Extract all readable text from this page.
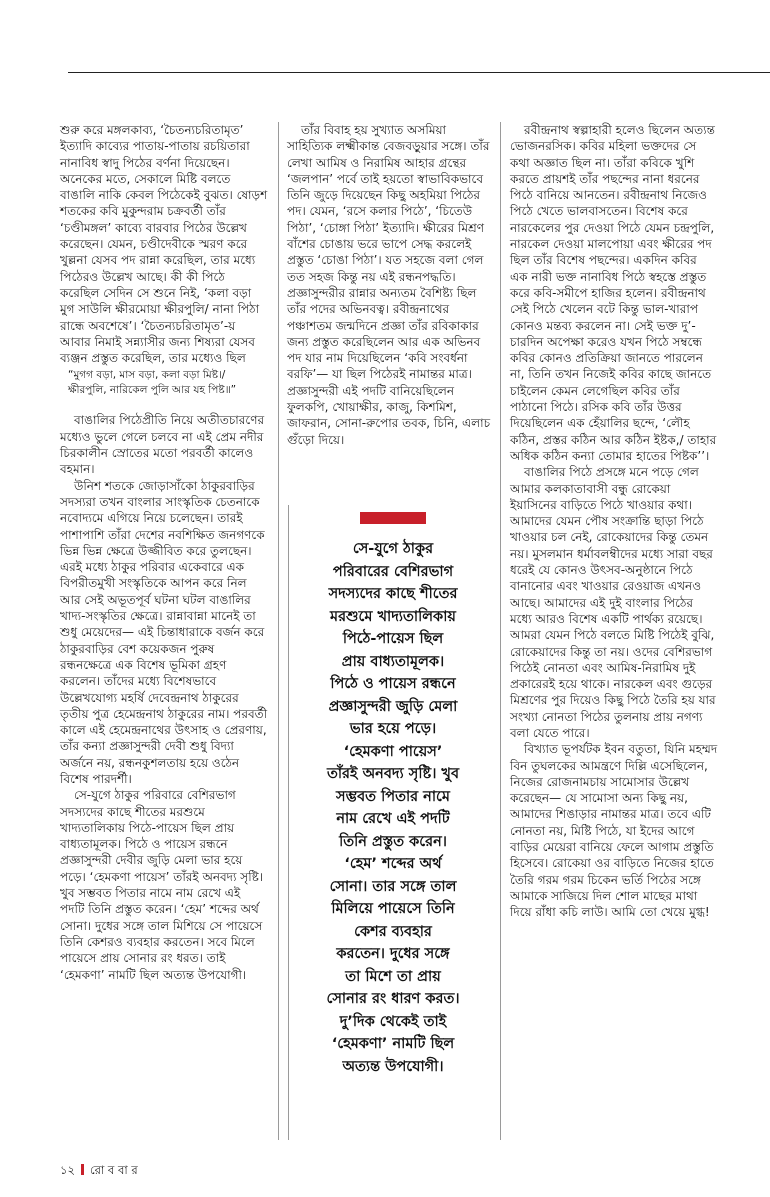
শুরু করে মঙ্গলকাব্য, ‘চৈতন্যচরিতামৃত’ ইত্যাদি কাব্যের পাতায়-পাতায় রচয়িতারা নানাবিধ স্বাদু পিঠের বর্ণনা দিয়েছেন। অনেকের মতে, সেকালে মিষ্টি বলতে বাঙালি নাকি কেবল পিঠেকেই বুঝত। ষোড়শ শতকের কবি মুকুন্দরাম চক্রবর্তী তাঁর ‘চণ্ডীমঙ্গল’ কাব্যে বারবার পিঠের উল্লেখ করেছেন। যেমন, চণ্ডীদেবীকে স্মরণ করে খুল্লনা যেসব পদ রান্না করেছিল, তার মধ্যে পিঠেরও উল্লেখ আছে। কী কী পিঠে করেছিল সেদিন সে শুনে নিই, ‘কলা বড়া মুগ সাউলি ক্ষীরমোয়া ক্ষীরপুলি/ নানা পিঠা রান্ধে অবশেষে’। ‘চৈতন্যচরিতামৃত’-য় আবার নিমাই সন্ন্যাসীর জন্য শিষ্যরা যেসব ব্যঞ্জন প্রস্তুত করেছিল, তার মধ্যেও ছিল

“মুগগ বড়া, মাস বড়া, কলা বড়া মিষ্ট।/
ক্ষীরপুলি, নারিকেল পুলি আর যহ পিষ্ট॥”

বাঙালির পিঠেপ্রীতি নিয়ে অতীতচারণের মধ্যেও ভুলে গেলে চলবে না এই প্রেম নদীর চিরকালীন স্রোতের মতো পরবর্তী কালেও বহমান।

উনিশ শতকে জোড়াসাঁকো ঠাকুরবাড়ির সদস্যরা তখন বাংলার সাংস্কৃতিক চেতনাকে নবোদ্যমে এগিয়ে নিয়ে চলেছেন। তারই পাশাপাশি তাঁরা দেশের নবশিক্ষিত জনগণকে ভিন্ন ভিন্ন ক্ষেত্রে উজ্জীবিত করে তুলছেন। এরই মধ্যে ঠাকুর পরিবার একেবারে এক বিপরীতমুখী সংস্কৃতিকে আপন করে নিল আর সেই অভূতপূর্ব ঘটনা ঘটল বাঙালির খাদ্য-সংস্কৃতির ক্ষেত্রে। রান্নাবান্না মানেই তা শুধু মেয়েদের— এই চিন্তাধারাকে বর্জন করে ঠাকুরবাড়ির বেশ কয়েকজন পুরুষ রন্ধনক্ষেত্রে এক বিশেষ ভূমিকা গ্রহণ করলেন। তাঁদের মধ্যে বিশেষভাবে উল্লেখযোগ্য মহর্ষি দেবেন্দ্রনাথ ঠাকুরের তৃতীয় পুত্র হেমেন্দ্রনাথ ঠাকুরের নাম। পরবর্তী কালে এই হেমেন্দ্রনাথের উৎসাহ ও প্রেরণায়, তাঁর কন্যা প্রজ্ঞাসুন্দরী দেবী শুধু বিদ্যা অর্জনে নয়, রন্ধনকুশলতায় হয়ে ওঠেন বিশেষ পারদর্শী।

সে-যুগে ঠাকুর পরিবারে বেশিরভাগ সদস্যদের কাছে শীতের মরশুমে খাদ্যতালিকায় পিঠে-পায়েস ছিল প্রায় বাধ্যতামূলক। পিঠে ও পায়েস রন্ধনে প্রজ্ঞাসুন্দরী দেবীর জুড়ি মেলা ভার হয়ে পড়ে। ‘হেমকণা পায়েস’ তাঁরই অনবদ্য সৃষ্টি। খুব সম্ভবত পিতার নামে নাম রেখে এই পদটি তিনি প্রস্তুত করেন। ‘হেম’ শব্দের অর্থ সোনা। দুধের সঙ্গে তাল মিশিয়ে সে পায়েসে তিনি কেশরও ব্যবহার করতেন। সবে মিলে পায়েসে প্রায় সোনার রং ধরত। তাই ‘হেমকণা’ নামটি ছিল অত্যন্ত উপযোগী।

তাঁর বিবাহ হয় সুখ্যাত অসমিয়া সাহিত্যিক লক্ষ্মীকান্ত বেজবড়ুয়ার সঙ্গে। তাঁর লেখা আমিষ ও নিরামিষ আহার গ্রন্থের ‘জলপান’ পর্বে তাই হয়তো স্বাভাবিকভাবে তিনি জুড়ে দিয়েছেন কিছু অহমিয়া পিঠের পদ। যেমন, ‘রসে কলার পিঠে’, ‘চিতেউ পিঠা’, ‘চোঙ্গা পিঠা’ ইত্যাদি। ক্ষীরের মিশ্রণ বাঁশের চোঙায় ভরে ভাপে সেদ্ধ করলেই প্রস্তুত ‘চোঙা পিঠা’। যত সহজে বলা গেল তত সহজ কিন্তু নয় এই রন্ধনপদ্ধতি। প্রজ্ঞাসুন্দরীর রান্নার অন্যতম বৈশিষ্ট্য ছিল তাঁর পদের অভিনবত্ব। রবীন্দ্রনাথের পঞ্চাশতম জন্মদিনে প্রজ্ঞা তাঁর রবিকাকার জন্য প্রস্তুত করেছিলেন আর এক অভিনব পদ যার নাম দিয়েছিলেন ‘কবি সংবর্ধনা বরফি’— যা ছিল পিঠেরই নামান্তর মাত্র। প্রজ্ঞাসুন্দরী এই পদটি বানিয়েছিলেন ফুলকপি, খোয়াক্ষীর, কাজু, কিশমিশ, জাফরান, সোনা-রুপোর তবক, চিনি, এলাচ গুঁড়ো দিয়ে।

সে-যুগে ঠাকুর
পরিবারের বেশিরভাগ
সদস্যদের কাছে শীতের
মরশুমে খাদ্যতালিকায়
পিঠে-পায়েস ছিল
প্রায় বাধ্যতামূলক।
পিঠে ও পায়েস রন্ধনে
প্রজ্ঞাসুন্দরী জুড়ি মেলা
ভার হয়ে পড়ে।
‘হেমকণা পায়েস’
তাঁরই অনবদ্য সৃষ্টি। খুব
সম্ভবত পিতার নামে
নাম রেখে এই পদটি
তিনি প্রস্তুত করেন।
‘হেম’ শব্দের অর্থ
সোনা। তার সঙ্গে তাল
মিলিয়ে পায়েসে তিনি
কেশর ব্যবহার
করতেন। দুধের সঙ্গে
তা মিশে তা প্রায়
সোনার রং ধারণ করত।
দু’দিক থেকেই তাই
‘হেমকণা’ নামটি ছিল
অত্যন্ত উপযোগী।

রবীন্দ্রনাথ স্বল্পাহারী হলেও ছিলেন অত্যন্ত ভোজনরসিক। কবির মহিলা ভক্তদের সে কথা অজ্ঞাত ছিল না। তাঁরা কবিকে খুশি করতে প্রায়শই তাঁর পছন্দের নানা ধরনের পিঠে বানিয়ে আনতেন। রবীন্দ্রনাথ নিজেও পিঠে খেতে ভালবাসতেন। বিশেষ করে নারকেলের পুর দেওয়া পিঠে যেমন চন্দ্রপুলি, নারকেল দেওয়া মালপোয়া এবং ক্ষীরের পদ ছিল তাঁর বিশেষ পছন্দের। একদিন কবির এক নারী ভক্ত নানাবিধ পিঠে স্বহস্তে প্রস্তুত করে কবি-সমীপে হাজির হলেন। রবীন্দ্রনাথ সেই পিঠে খেলেন বটে কিন্তু ভাল-খারাপ কোনও মন্তব্য করলেন না। সেই ভক্ত দু’-চারদিন অপেক্ষা করেও যখন পিঠে সম্বন্ধে কবির কোনও প্রতিক্রিয়া জানতে পারলেন না, তিনি তখন নিজেই কবির কাছে জানতে চাইলেন কেমন লেগেছিল কবির তাঁর পাঠানো পিঠে। রসিক কবি তাঁর উত্তর দিয়েছিলেন এক হেঁয়ালির ছন্দে, ‘লৌহ কঠিন, প্রস্তর কঠিন আর কঠিন ইষ্টক,/ তাহার অধিক কঠিন কন্যা তোমার হাতের পিষ্টক’’।

বাঙালির পিঠে প্রসঙ্গে মনে পড়ে গেল আমার কলকাতাবাসী বন্ধু রোকেয়া ইয়াসিনের বাড়িতে পিঠে খাওয়ার কথা। আমাদের যেমন পৌষ সংক্রান্তি ছাড়া পিঠে খাওয়ার চল নেই, রোকেয়াদের কিন্তু তেমন নয়। মুসলমান ধর্মাবলম্বীদের মধ্যে সারা বছর ধরেই যে কোনও উৎসব-অনুষ্ঠানে পিঠে বানানোর এবং খাওয়ার রেওয়াজ এখনও আছে। আমাদের এই দুই বাংলার পিঠের মধ্যে আরও বিশেষ একটি পার্থক্য রয়েছে। আমরা যেমন পিঠে বলতে মিষ্টি পিঠেই বুঝি, রোকেয়াদের কিন্তু তা নয়। ওদের বেশিরভাগ পিঠেই নোনতা এবং আমিষ-নিরামিষ দুই প্রকারেরই হয়ে থাকে। নারকেল এবং গুড়ের মিশ্রণের পুর দিয়েও কিছু পিঠে তৈরি হয় যার সংখ্যা নোনতা পিঠের তুলনায় প্রায় নগণ্য বলা যেতে পারে।

বিখ্যাত ভূপর্যটক ইবন বতুতা, যিনি মহম্মদ বিন তুঘলকের আমন্ত্রণে দিল্লি এসেছিলেন, নিজের রোজনামচায় সামোসার উল্লেখ করেছেন— যে সামোসা অন্য কিছু নয়, আমাদের শিঙাড়ার নামান্তর মাত্র। তবে এটি নোনতা নয়, মিষ্টি পিঠে, যা ইদের আগে বাড়ির মেয়েরা বানিয়ে ফেলে আগাম প্রস্তুতি হিসেবে। রোকেয়া ওর বাড়িতে নিজের হাতে তৈরি গরম গরম চিকেন ভর্তি পিঠের সঙ্গে আমাকে সাজিয়ে দিল শোল মাছের মাথা দিয়ে রাঁধা কচি লাউ। আমি তো খেয়ে মুগ্ধ!

১২ রো ব বা র
